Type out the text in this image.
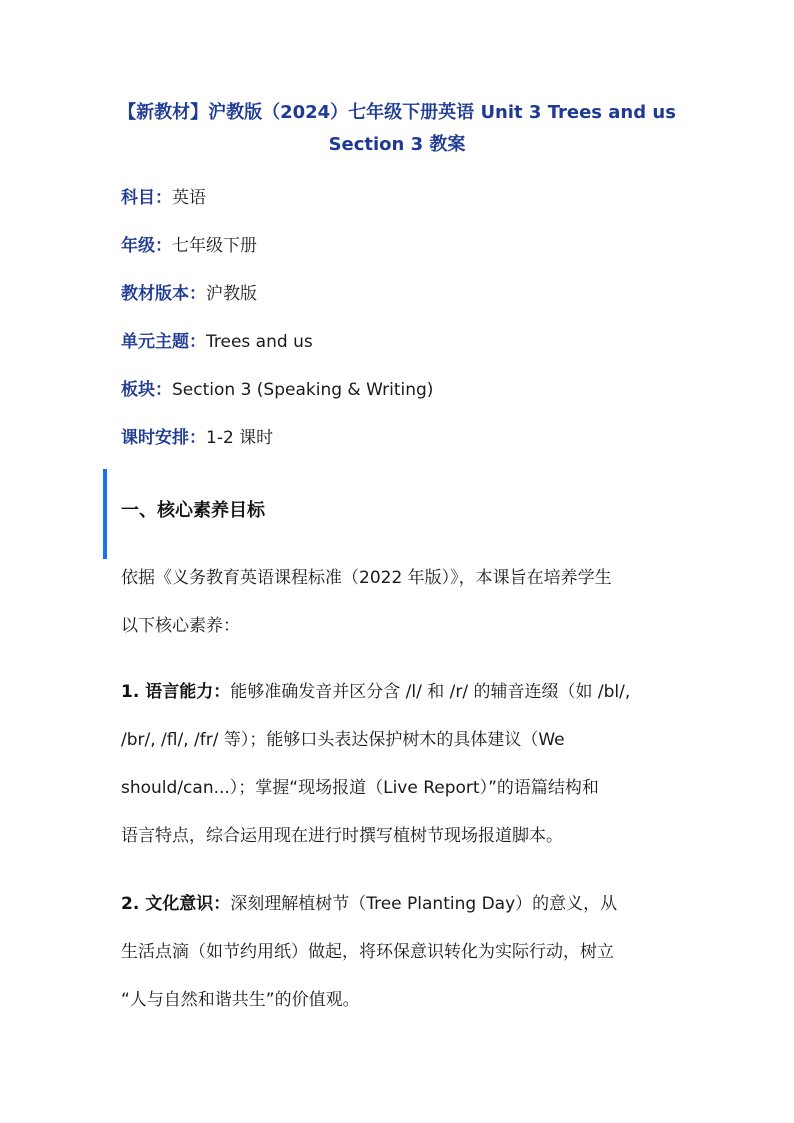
【新教材】沪教版（2024）七年级下册英语 Unit 3 Trees and us
Section 3 教案
科目：英语
年级：七年级下册
教材版本：沪教版
单元主题：Trees and us
板块：Section 3 (Speaking & Writing)
课时安排：1-2 课时
一、核心素养目标
依据《义务教育英语课程标准（2022 年版）》，本课旨在培养学生
以下核心素养：
1. 语言能力：能够准确发音并区分含 /l/ 和 /r/ 的辅音连缀（如 /bl/,
/br/, /fl/, /fr/ 等）；能够口头表达保护树木的具体建议（We
should/can...）；掌握“现场报道（Live Report）”的语篇结构和
语言特点，综合运用现在进行时撰写植树节现场报道脚本。
2. 文化意识：深刻理解植树节（Tree Planting Day）的意义，从
生活点滴（如节约用纸）做起，将环保意识转化为实际行动，树立
“人与自然和谐共生”的价值观。
